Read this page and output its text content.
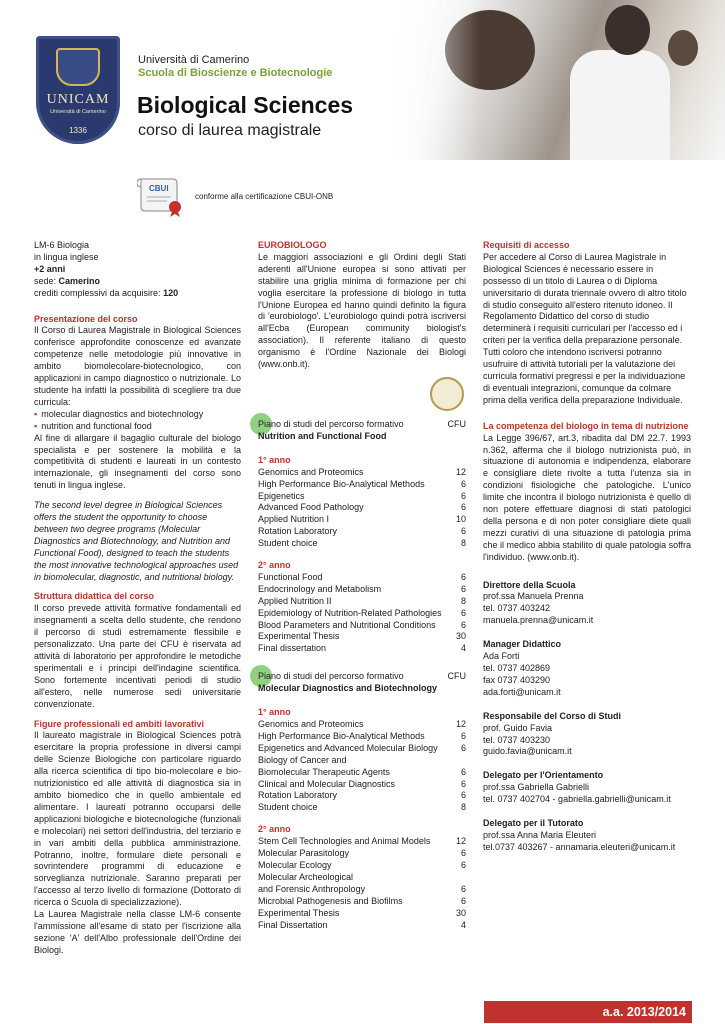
UNICAM
Università di Camerino
1336
Università di Camerino
Scuola di Bioscienze e Biotecnologie
Biological Sciences
corso di laurea magistrale
CBUI
conforme alla certificazione CBUI-ONB

LM-6 Biologia

in lingua inglese

+2 anni

sede: Camerino

crediti complessivi da acquisire: 120

Presentazione del corso

Il Corso di Laurea Magistrale in Biological Sciences conferisce approfondite conoscenze ed avanzate competenze nelle metodologie più innovative in ambito biomolecolare-biotecnologico, con applicazioni in campo diagnostico o nutrizionale. Lo studente ha infatti la possibilità di scegliere tra due curricula:

▪ molecular diagnostics and biotechnology
▪ nutrition and functional food

Al fine di allargare il bagaglio culturale del biologo specialista e per sostenere la mobilità e la competitività di studenti e laureati in un contesto internazionale, gli insegnamenti del corso sono tenuti in lingua inglese.

The second level degree in Biological Sciences offers the student the opportunity to choose between two degree programs (Molecular Diagnostics and Biotechnology, and Nutrition and Functional Food), designed to teach the students the most innovative technological approaches used in biomolecular, diagnostic, and nutritional biology.

Struttura didattica del corso

Il corso prevede attività formative fondamentali ed insegnamenti a scelta dello studente, che rendono il percorso di studi estremamente flessibile e personalizzato. Una parte dei CFU è riservata ad attività di laboratorio per approfondire le metodiche sperimentali e i principi dell'indagine scientifica. Sono fortemente incentivati periodi di studio all'estero, nelle numerose sedi universitarie convenzionate.

Figure professionali ed ambiti lavorativi

Il laureato magistrale in Biological Sciences potrà esercitare la propria professione in diversi campi delle Scienze Biologiche con particolare riguardo alla ricerca scientifica di tipo bio-molecolare e bio-nutrizionistico ed alle attività di diagnostica sia in ambito biomedico che in quello ambientale ed alimentare. I laureati potranno occuparsi delle applicazioni biologiche e biotecnologiche (funzionali e molecolari) nei settori dell'industria, del terziario e in vari ambiti della pubblica amministrazione. Potranno, inoltre, formulare diete personali e sovrintendere programmi di educazione e sorveglianza nutrizionale. Saranno preparati per l'accesso al terzo livello di formazione (Dottorato di ricerca o Scuola di specializzazione).

La Laurea Magistrale nella classe LM-6 consente l'ammissione all'esame di stato per l'iscrizione alla sezione 'A' dell'Albo professionale dell'Ordine dei Biologi.

EUROBIOLOGO

Le maggiori associazioni e gli Ordini degli Stati aderenti all'Unione europea si sono attivati per stabilire una griglia minima di formazione per chi voglia esercitare la professione di biologo in tutta l'Unione Europea ed hanno quindi definito la figura di 'eurobiologo'. L'eurobiologo quindi potrà iscriversi all'Ecba (European community biologist's association). Il referente italiano di questo organismo è l'Ordine Nazionale dei Biologi (www.onb.it).

Piano di studi del percorso formativo	CFU

Nutrition and Functional Food

1° anno

Genomics and Proteomics	12
High Performance Bio-Analytical Methods	6
Epigenetics	6
Advanced Food Pathology	6
Applied Nutrition I	10
Rotation Laboratory	6
Student choice	8

2° anno

Functional Food	6
Endocrinology and Metabolism	6
Applied Nutrition II	8
Epidemiology of Nutrition-Related Pathologies 6
Blood Parameters and Nutritional Conditions	6
Experimental Thesis	30
Final dissertation	4
Piano di studi del percorso formativo	CFU

Molecular Diagnostics and Biotechnology

1° anno

Genomics and Proteomics	12
High Performance Bio-Analytical Methods	6
Epigenetics and Advanced Molecular Biology	6
Biology of Cancer and
Biomolecular Therapeutic Agents	6
Clinical and Molecular Diagnostics	6
Rotation Laboratory	6
Student choice	8

2° anno

Stem Cell Technologies and Animal Models	12
Molecular Parasitology	6
Molecular Ecology	6
Molecular Archeological
and Forensic Anthropology	6
Microbial Pathogenesis and Biofilms	6
Experimental Thesis	30
Final Dissertation	4

Requisiti di accesso

Per accedere al Corso di Laurea Magistrale in Biological Sciences è necessario essere in possesso di un titolo di Laurea o di Diploma universitario di durata triennale ovvero di altro titolo di studio conseguito all'estero ritenuto idoneo. Il Regolamento Didattico del corso di studio determinerà i requisiti curriculari per l'accesso ed i criteri per la verifica della preparazione personale. Tutti coloro che intendono iscriversi potranno usufruire di attività tutoriali per la valutazione dei curricula formativi pregressi e per la individuazione di eventuali integrazioni, comunque da colmare prima della verifica della preparazione Individuale.

La competenza del biologo in tema di nutrizione

La Legge 396/67, art.3, ribadita dal DM 22.7. 1993 n.362, afferma che il biologo nutrizionista può, in situazione di autonomia e indipendenza, elaborare e consigliare diete rivolte a tutta l'utenza sia in condizioni fisiologiche che patologiche. L'unico limite che incontra il biologo nutrizionista è quello di non potere effettuare diagnosi di stati patologici della persona e di non poter consigliare diete quali mezzi curativi di una situazione di patologia prima che il medico abbia stabilito di quale patologia soffra l'individuo. (www.onb.it).

Direttore della Scuola

prof.ssa Manuela Prenna

tel. 0737 403242

manuela.prenna@unicam.it

Manager Didattico

Ada Forti

tel. 0737 402869

fax 0737 403290

ada.forti@unicam.it

Responsabile del Corso di Studi

prof. Guido Favia

tel. 0737 403230

guido.favia@unicam.it

Delegato per l'Orientamento

prof.ssa Gabriella Gabrielli

tel. 0737 402704 - gabriella.gabrielli@unicam.it

Delegato per il Tutorato

prof.ssa Anna Maria Eleuteri

tel.0737 403267 - annamaria.eleuteri@unicam.it

a.a. 2013/2014
